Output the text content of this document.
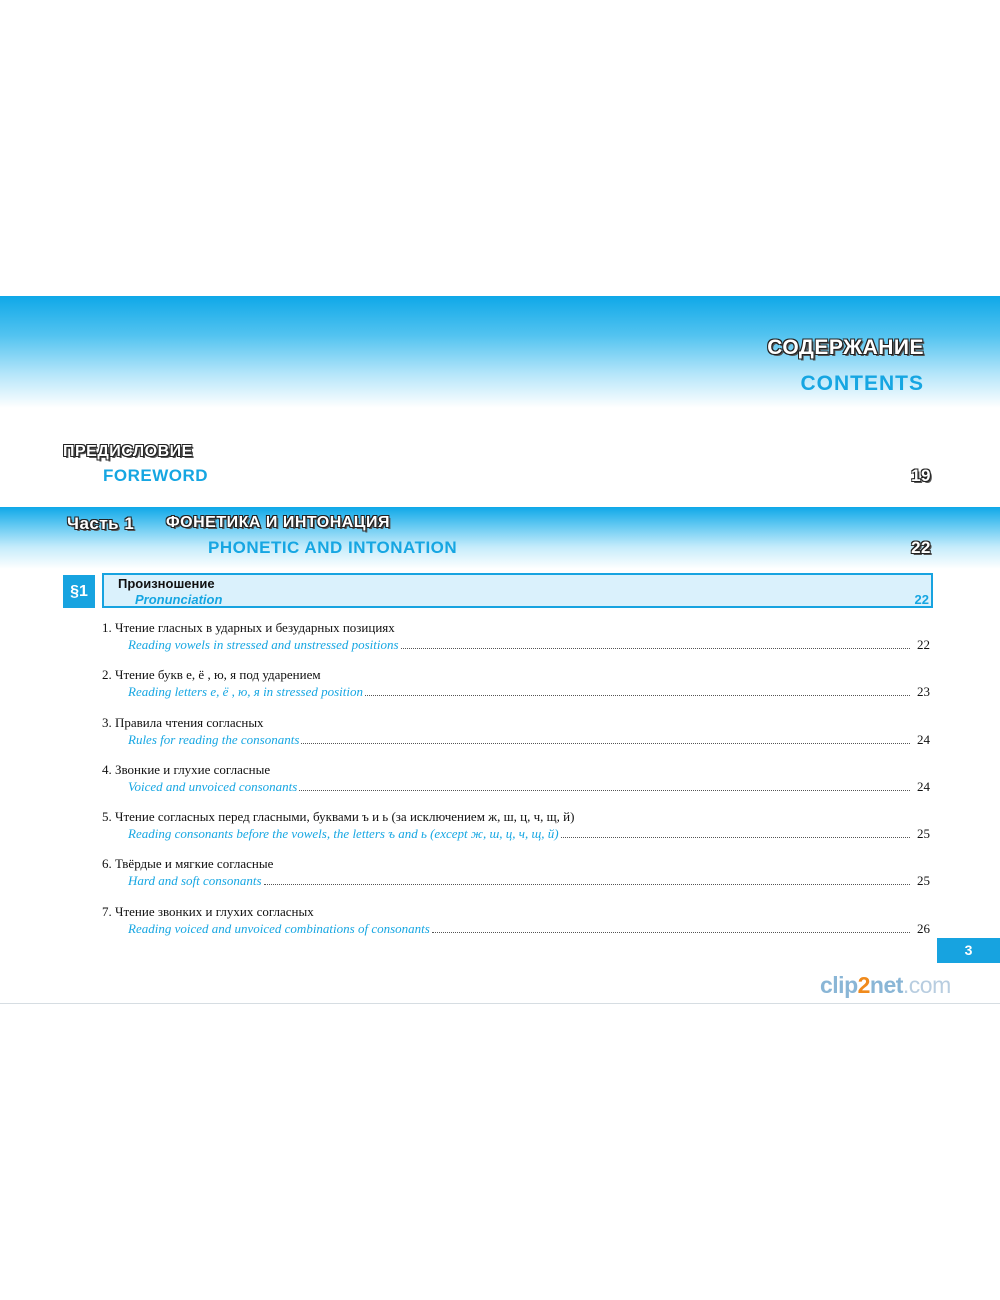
СОДЕРЖАНИЕ
CONTENTS
ПРЕДИСЛОВИЕ
FOREWORD	19
Часть 1 ФОНЕТИКА И ИНТОНАЦИЯ
PHONETIC AND INTONATION	22
§1	Произношение
Pronunciation	22
1. Чтение гласных в ударных и безударных позициях
Reading vowels in stressed and unstressed positions	22
2. Чтение букв е, ё , ю, я под ударением
Reading letters е, ё , ю, я in stressed position	23
3. Правила чтения согласных
Rules for reading the consonants	24
4. Звонкие и глухие согласные
Voiced and unvoiced consonants	24
5. Чтение согласных перед гласными, буквами ъ и ь (за исключением ж, ш, ц, ч, щ, й)
Reading consonants before the vowels, the letters ъ and ь (except ж, ш, ц, ч, щ, й)	25
6. Твёрдые и мягкие согласные
Hard and soft consonants	25
7. Чтение звонких и глухих согласных
Reading voiced and unvoiced combinations of consonants	26
3
clip2net.com
